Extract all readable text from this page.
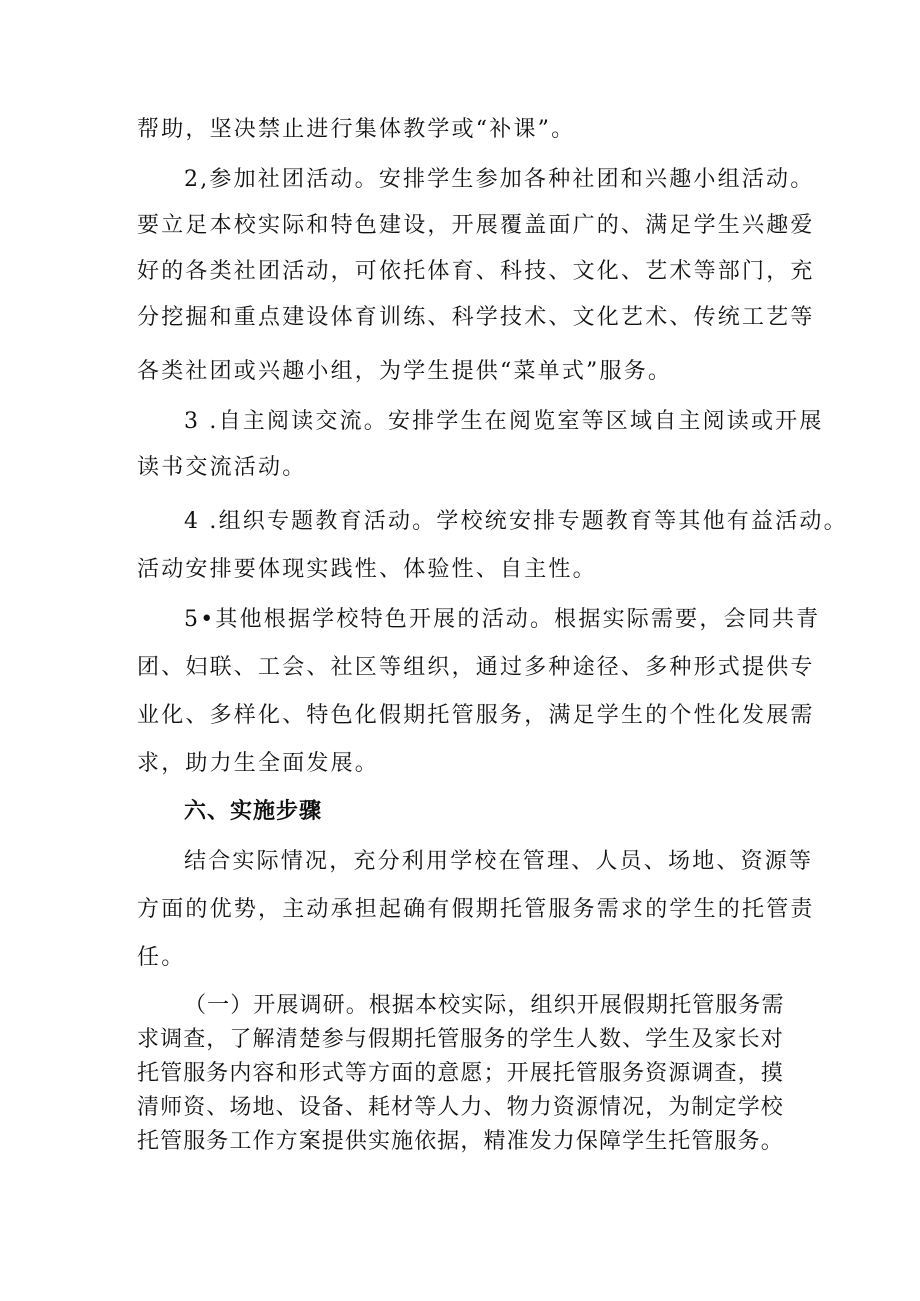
帮助，坚决禁止进行集体教学或“补课”。
2,参加社团活动。安排学生参加各种社团和兴趣小组活动。
要立足本校实际和特色建设，开展覆盖面广的、满足学生兴趣爱
好的各类社团活动，可依托体育、科技、文化、艺术等部门，充
分挖掘和重点建设体育训练、科学技术、文化艺术、传统工艺等
各类社团或兴趣小组，为学生提供“菜单式”服务。
3 .自主阅读交流。安排学生在阅览室等区域自主阅读或开展
读书交流活动。
4 .组织专题教育活动。学校统安排专题教育等其他有益活动。
活动安排要体现实践性、体验性、自主性。
5•其他根据学校特色开展的活动。根据实际需要，会同共青
团、妇联、工会、社区等组织，通过多种途径、多种形式提供专
业化、多样化、特色化假期托管服务，满足学生的个性化发展需
求，助力生全面发展。
六、实施步骤
结合实际情况，充分利用学校在管理、人员、场地、资源等
方面的优势，主动承担起确有假期托管服务需求的学生的托管责
任。
（一）开展调研。根据本校实际，组织开展假期托管服务需
求调查，了解清楚参与假期托管服务的学生人数、学生及家长对
托管服务内容和形式等方面的意愿；开展托管服务资源调查，摸
清师资、场地、设备、耗材等人力、物力资源情况，为制定学校
托管服务工作方案提供实施依据，精准发力保障学生托管服务。
